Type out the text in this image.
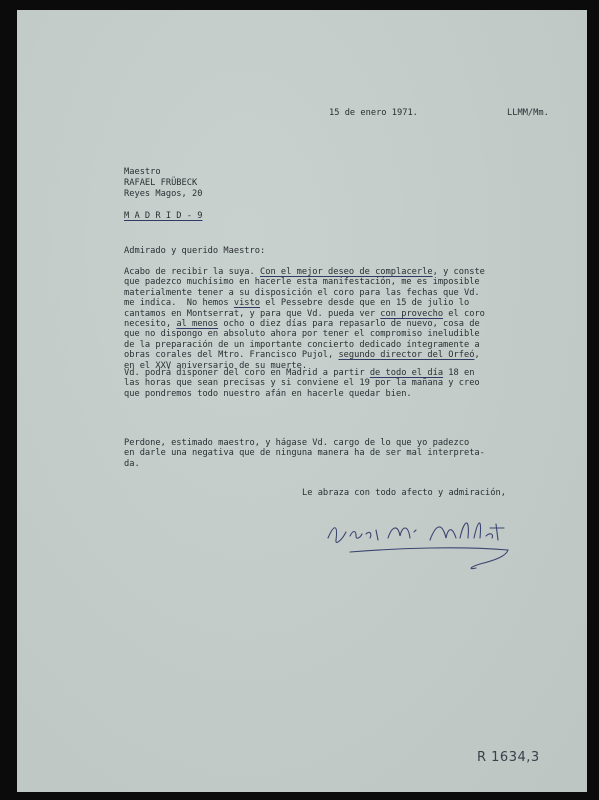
15 de enero 1971.	LLMM/Mm.
Maestro
RAFAEL FRÜBECK
Reyes Magos, 20
M A D R I D - 9
Admirado y querido Maestro:

Acabo de recibir la suya. Con el mejor deseo de complacerle, y conste

que padezco muchísimo en hacerle esta manifestación, me es imposible

materialmente tener a su disposición el coro para las fechas que Vd.

me indica.  No hemos visto el Pessebre desde que en 15 de julio lo

cantamos en Montserrat, y para que Vd. pueda ver con provecho el coro

necesito, al menos ocho o diez días para repasarlo de nuevo, cosa de

que no dispongo en absoluto ahora por tener el compromiso ineludible

de la preparación de un importante concierto dedicado íntegramente a

obras corales del Mtro. Francisco Pujol, segundo director del Orfeó,

en el XXV aniversario de su muerte.

Vd. podrá disponer del coro en Madrid a partir de todo el día 18 en

las horas que sean precisas y si conviene el 19 por la mañana y creo

que pondremos todo nuestro afán en hacerle quedar bien.

Perdone, estimado maestro, y hágase Vd. cargo de lo que yo padezco

en darle una negativa que de ninguna manera ha de ser mal interpreta-

da.

Le abraza con todo afecto y admiración,
R 1634,3
